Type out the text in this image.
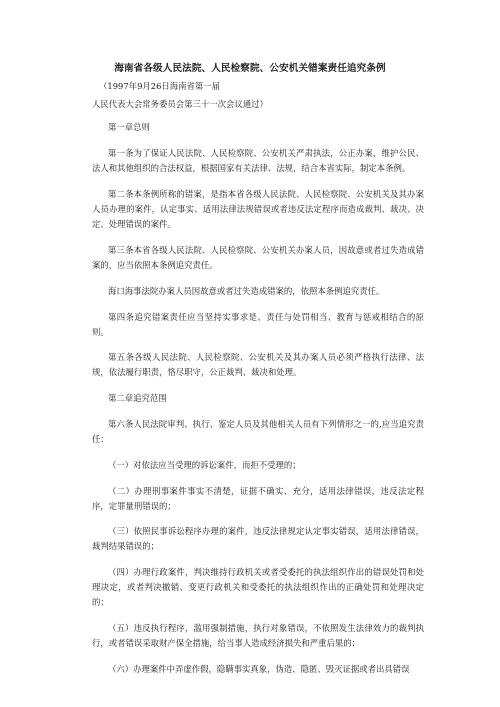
海南省各级人民法院、人民检察院、公安机关错案责任追究条例
（1997年9月26日海南省第一届
人民代表大会常务委员会第三十一次会议通过）
第一章总则
第一条为了保证人民法院、人民检察院、公安机关严肃执法，公正办案，维护公民、法人和其他组织的合法权益，根据国家有关法律、法规，结合本省实际，制定本条例。
第二条本条例所称的错案，是指本省各级人民法院、人民检察院、公安机关及其办案人员办理的案件，认定事实、适用法律法规错误或者违反法定程序而造成裁判、裁决、决定、处理错误的案件。
第三条本省各级人民法院、人民检察院、公安机关办案人员，因故意或者过失造成错案的，应当依照本条例追究责任。
海口海事法院办案人员因故意或者过失造成错案的，依照本条例追究责任。
第四条追究错案责任应当坚持实事求是、责任与处罚相当、教育与惩戒相结合的原则。
第五条各级人民法院、人民检察院、公安机关及其办案人员必须严格执行法律、法规，依法履行职责，恪尽职守，公正裁判、裁决和处理。
第二章追究范围
第六条人民法院审判、执行、鉴定人员及其他相关人员有下列情形之一的,应当追究责任：
（一）对依法应当受理的诉讼案件，而拒不受理的；
（二）办理刑事案件事实不清楚，证据不确实、充分，适用法律错误，违反法定程序，定罪量刑错误的；
（三）依照民事诉讼程序办理的案件，违反法律规定认定事实错误，适用法律错误，裁判结果错误的；
（四）办理行政案件，判决维持行政机关或者受委托的执法组织作出的错误处罚和处理决定，或者判决撤销、变更行政机关和受委托的执法组织作出的正确处罚和处理决定的；
（五）违反执行程序，滥用强制措施，执行对象错误，不依照发生法律效力的裁判执行，或者错误采取财产保全措施，给当事人造成经济损失和严重后果的；
（六）办理案件中弄虚作假，隐瞒事实真象，伪造、隐匿、毁灭证据或者出具错误
